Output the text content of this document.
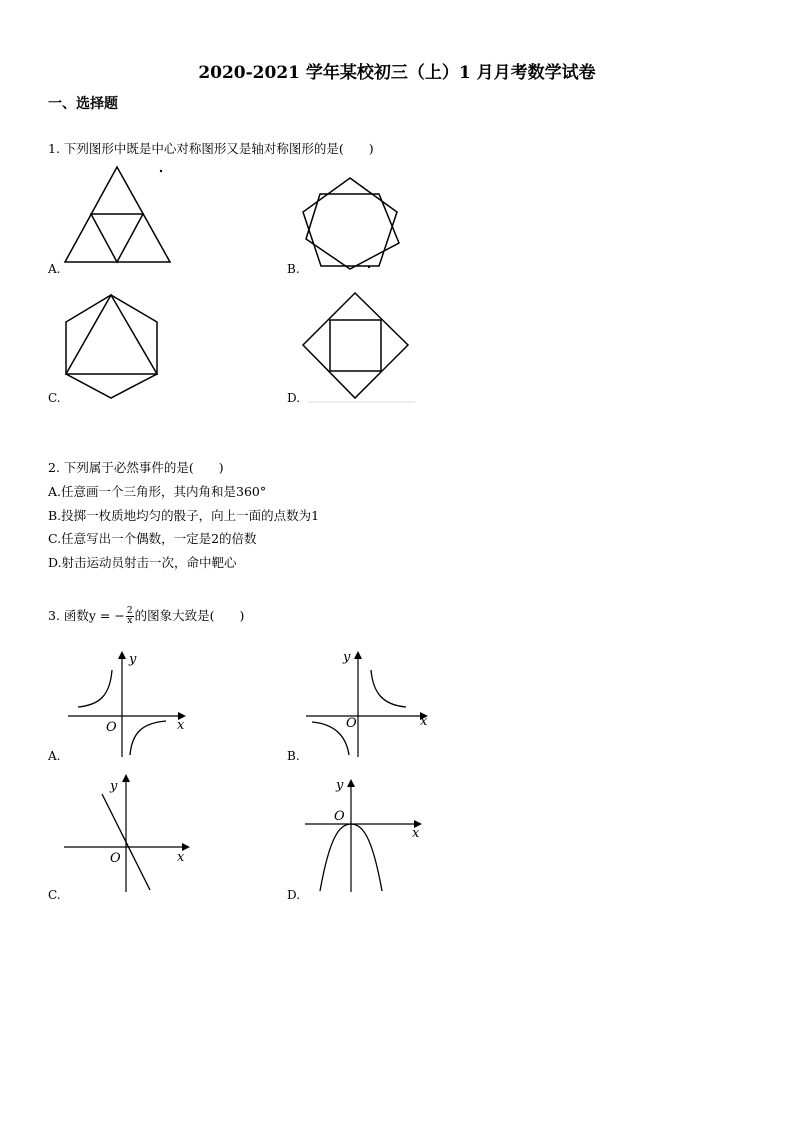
2020-2021 学年某校初三（上）1 月月考数学试卷
一、选择题
1. 下列图形中既是中心对称图形又是轴对称图形的是(　　)
A.	B.
C.	D.
2. 下列属于必然事件的是(　　)
A.任意画一个三角形，其内角和是360°
B.投掷一枚质地均匀的骰子，向上一面的点数为1
C.任意写出一个偶数，一定是2的倍数
D.射击运动员射击一次，命中靶心
3. 函数y = − $\frac{2}{x}$ 的图象大致是(　　)
x
y
O
A.
x
y
O
B.
x
y
O
C.
x
y
O
D.
